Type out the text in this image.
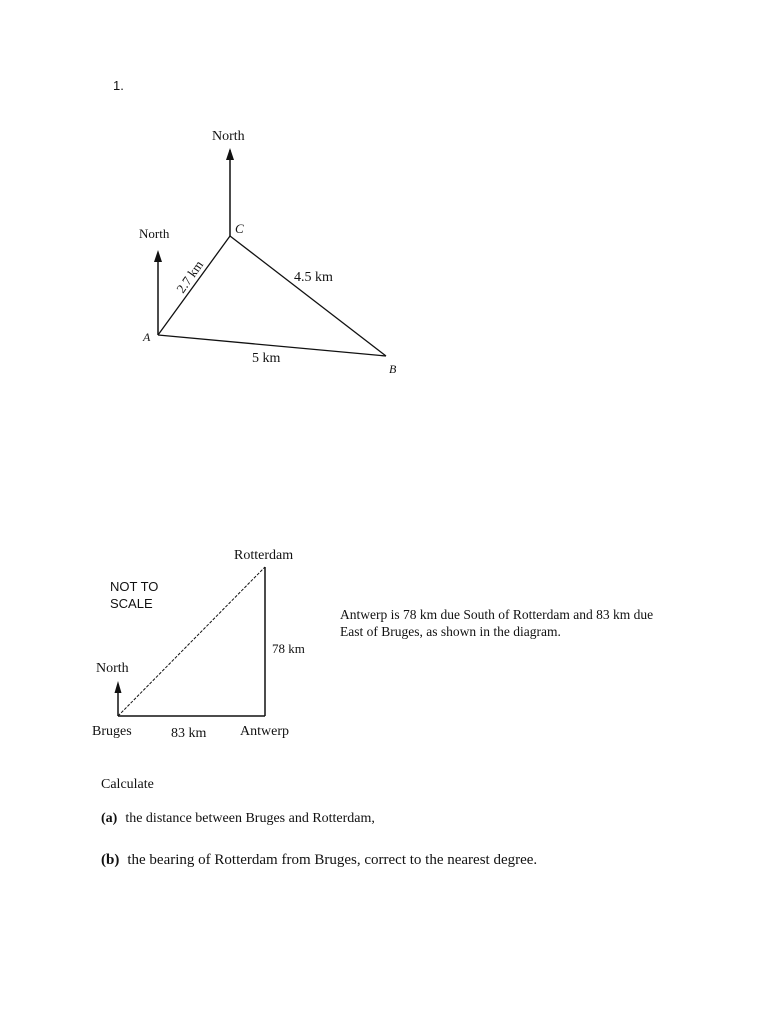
1.
North
North	C
A
B
2.7 km	4.5 km
5 km
Rotterdam
NOT TO
SCALE
78 km
North
Bruges	83 km Antwerp
Antwerp is 78 km due South of Rotterdam and 83 km due
East of Bruges, as shown in the diagram.
Calculate
(a) the distance between Bruges and Rotterdam,
(b) the bearing of Rotterdam from Bruges, correct to the nearest degree.
